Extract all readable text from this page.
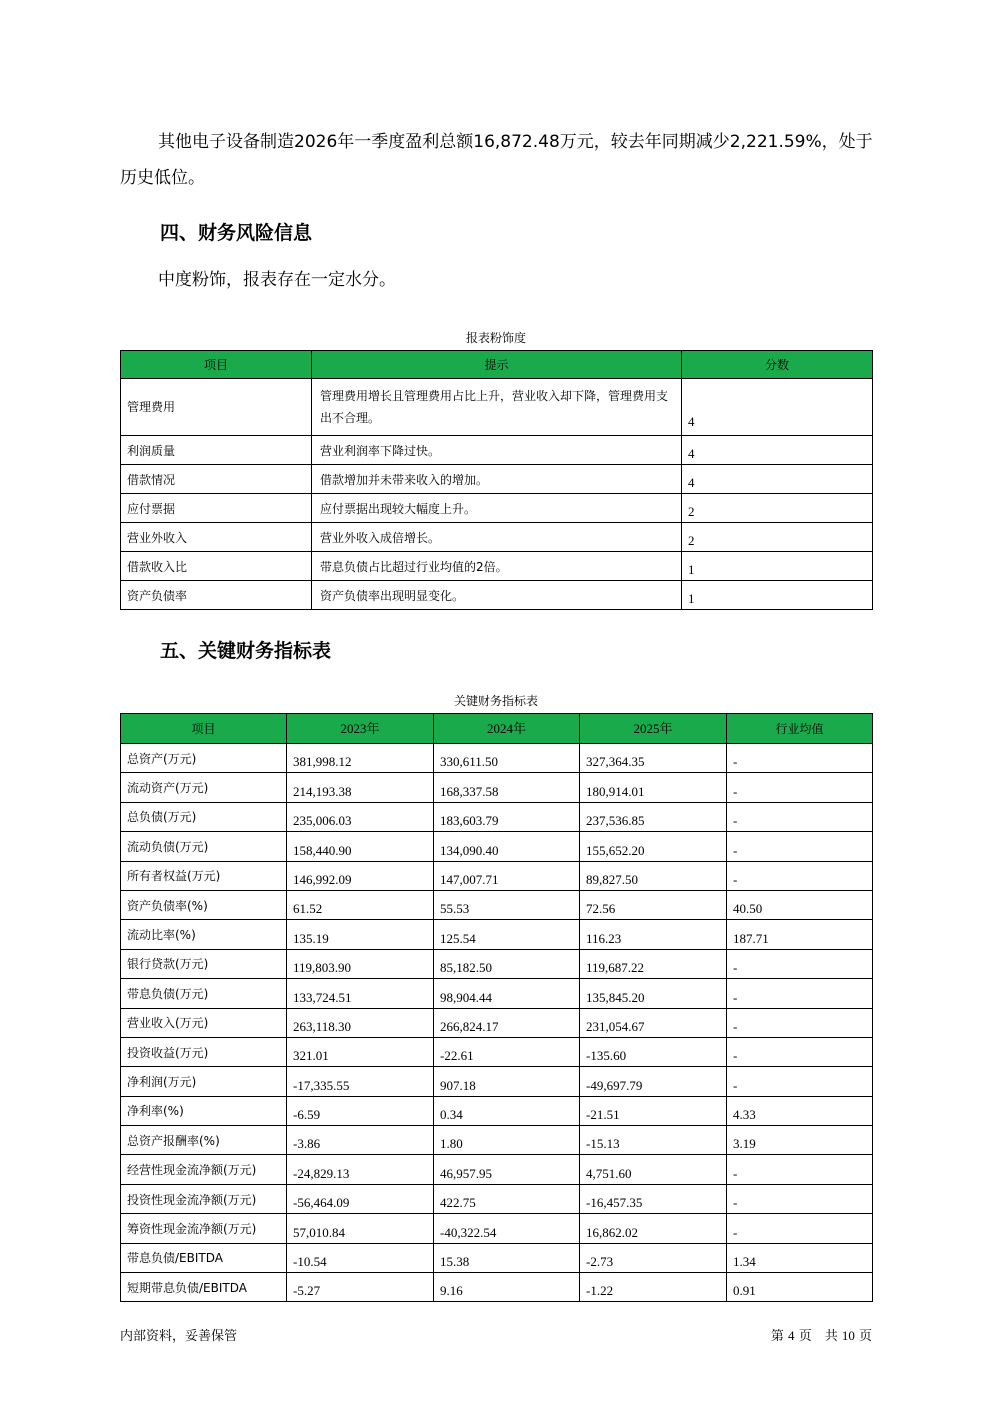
其他电子设备制造2026年一季度盈利总额16,872.48万元，较去年同期减少2,221.59%，处于
历史低位。
四、财务风险信息
中度粉饰，报表存在一定水分。
报表粉饰度
项目	提示	分数
管理费用	管理费用增长且管理费用占比上升，营业收入却下降，管理费用支出不合理。	4
利润质量	营业利润率下降过快。	4
借款情况	借款增加并未带来收入的增加。	4
应付票据	应付票据出现较大幅度上升。	2
营业外收入	营业外收入成倍增长。	2
借款收入比	带息负债占比超过行业均值的2倍。	1
资产负债率	资产负债率出现明显变化。	1
五、关键财务指标表
关键财务指标表
项目	2023年	2024年	2025年	行业均值
总资产(万元)	381,998.12	330,611.50	327,364.35	-
流动资产(万元)	214,193.38	168,337.58	180,914.01	-
总负债(万元)	235,006.03	183,603.79	237,536.85	-
流动负债(万元)	158,440.90	134,090.40	155,652.20	-
所有者权益(万元)	146,992.09	147,007.71	89,827.50	-
资产负债率(%)	61.52	55.53	72.56	40.50
流动比率(%)	135.19	125.54	116.23	187.71
银行贷款(万元)	119,803.90	85,182.50	119,687.22	-
带息负债(万元)	133,724.51	98,904.44	135,845.20	-
营业收入(万元)	263,118.30	266,824.17	231,054.67	-
投资收益(万元)	321.01	-22.61	-135.60	-
净利润(万元)	-17,335.55	907.18	-49,697.79	-
净利率(%)	-6.59	0.34	-21.51	4.33
总资产报酬率(%)	-3.86	1.80	-15.13	3.19
经营性现金流净额(万元)	-24,829.13	46,957.95	4,751.60	-
投资性现金流净额(万元)	-56,464.09	422.75	-16,457.35	-
筹资性现金流净额(万元)	57,010.84	-40,322.54	16,862.02	-
带息负债/EBITDA	-10.54	15.38	-2.73	1.34
短期带息负债/EBITDA	-5.27	9.16	-1.22	0.91
内部资料，妥善保管	第 4 页　共 10 页
